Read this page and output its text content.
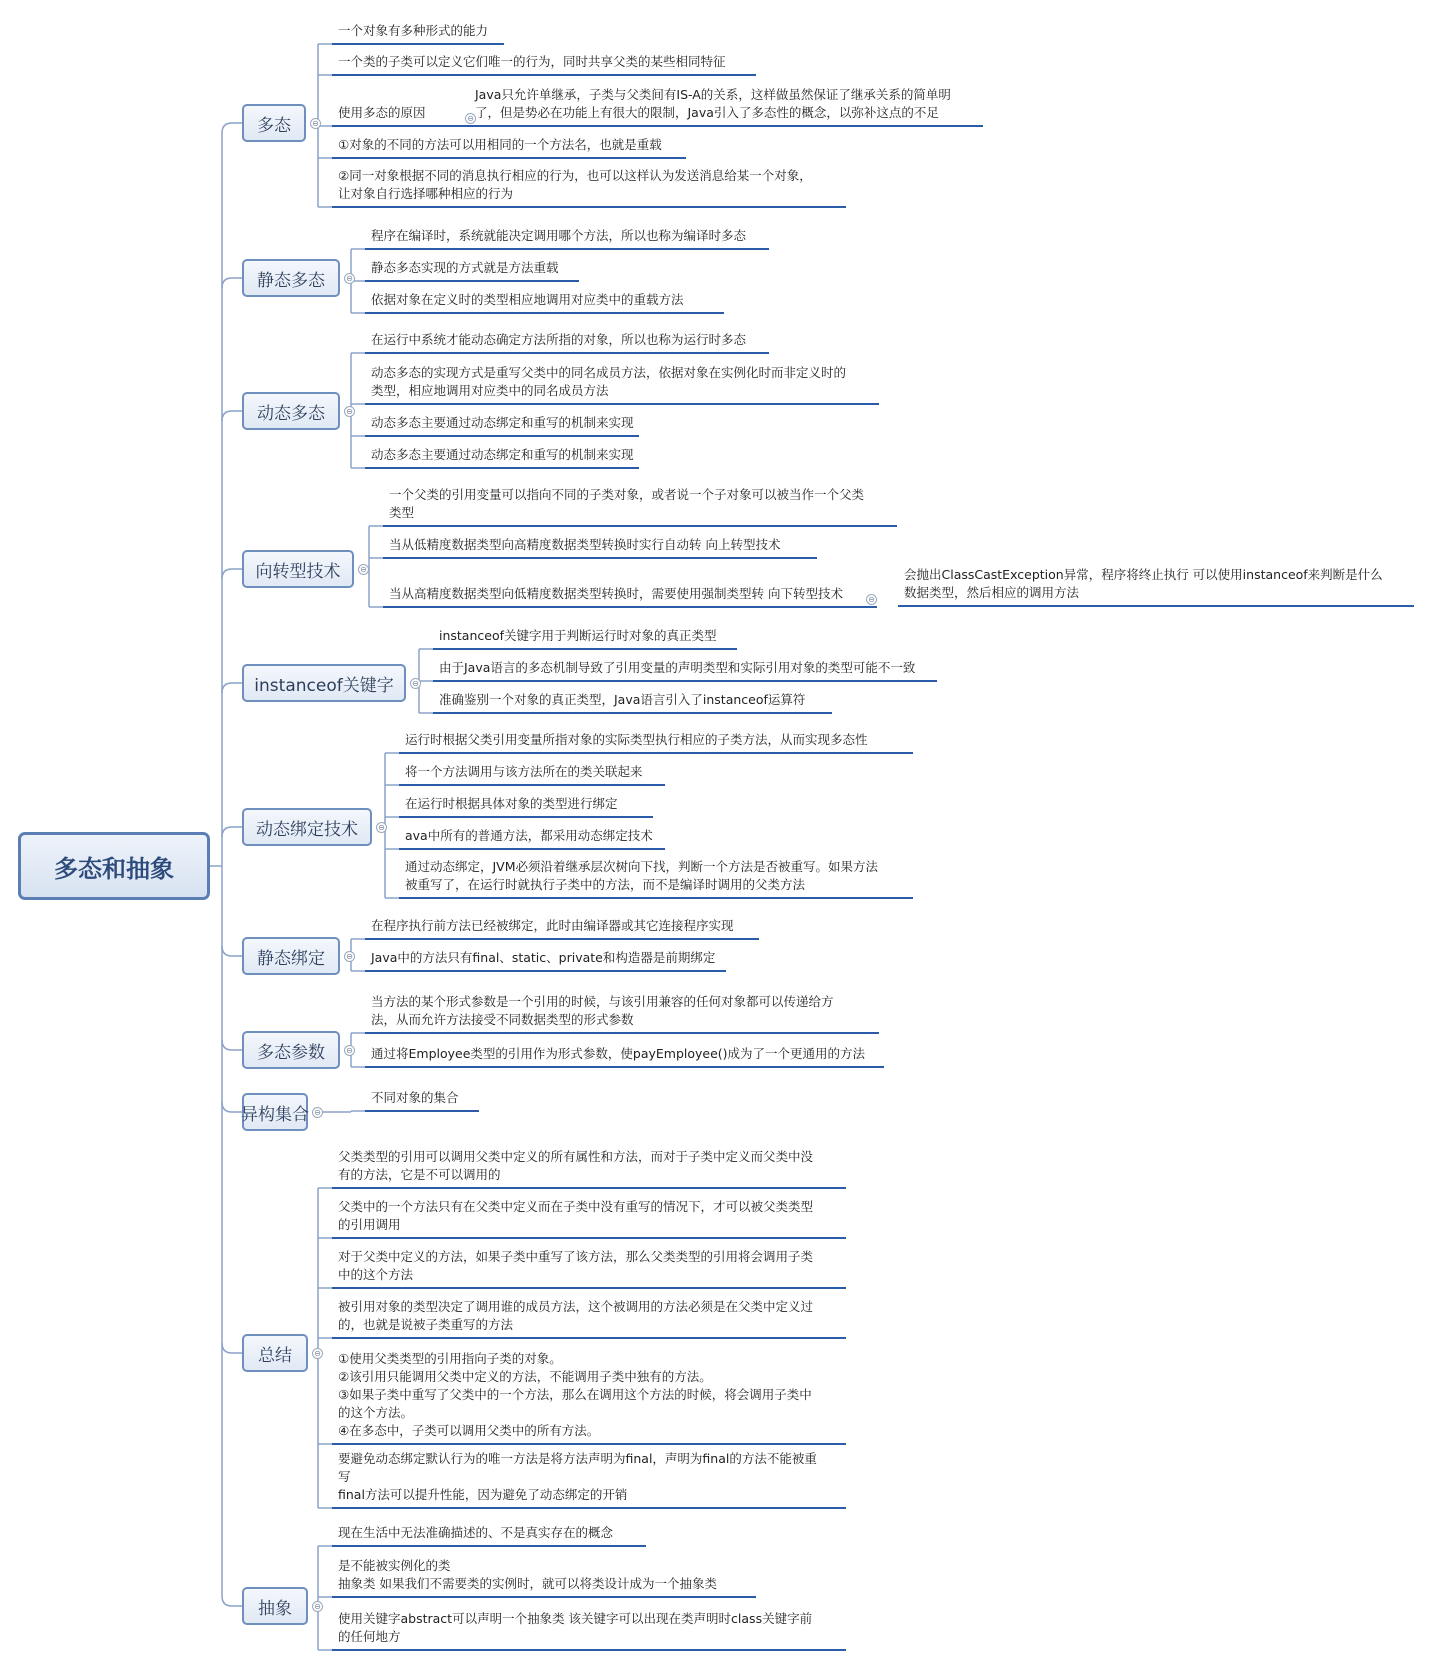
多态和抽象
多态	⊖
一个对象有多种形式的能力
一个类的子类可以定义它们唯一的行为，同时共享父类的某些相同特征
使用多态的原因	⊖
Java只允许单继承，子类与父类间有IS-A的关系，这样做虽然保证了继承关系的简单明
了，但是势必在功能上有很大的限制，Java引入了多态性的概念，以弥补这点的不足
①对象的不同的方法可以用相同的一个方法名，也就是重载
②同一对象根据不同的消息执行相应的行为，也可以这样认为发送消息给某一个对象，
让对象自行选择哪种相应的行为
静态多态	⊖
程序在编译时，系统就能决定调用哪个方法，所以也称为编译时多态
静态多态实现的方式就是方法重载
依据对象在定义时的类型相应地调用对应类中的重载方法
动态多态	⊖
在运行中系统才能动态确定方法所指的对象，所以也称为运行时多态
动态多态的实现方式是重写父类中的同名成员方法，依据对象在实例化时而非定义时的
类型，相应地调用对应类中的同名成员方法
动态多态主要通过动态绑定和重写的机制来实现
动态多态主要通过动态绑定和重写的机制来实现
向转型技术	⊖
一个父类的引用变量可以指向不同的子类对象，或者说一个子对象可以被当作一个父类
类型
当从低精度数据类型向高精度数据类型转换时实行自动转 向上转型技术
当从高精度数据类型向低精度数据类型转换时，需要使用强制类型转 向下转型技术	⊖
会抛出ClassCastException异常，程序将终止执行 可以使用instanceof来判断是什么
数据类型，然后相应的调用方法
instanceof关键字	⊖
instanceof关键字用于判断运行时对象的真正类型
由于Java语言的多态机制导致了引用变量的声明类型和实际引用对象的类型可能不一致
准确鉴别一个对象的真正类型，Java语言引入了instanceof运算符
动态绑定技术	⊖
运行时根据父类引用变量所指对象的实际类型执行相应的子类方法，从而实现多态性
将一个方法调用与该方法所在的类关联起来
在运行时根据具体对象的类型进行绑定
ava中所有的普通方法，都采用动态绑定技术
通过动态绑定，JVM必须沿着继承层次树向下找，判断一个方法是否被重写。如果方法
被重写了，在运行时就执行子类中的方法，而不是编译时调用的父类方法
静态绑定	⊖
在程序执行前方法已经被绑定，此时由编译器或其它连接程序实现
Java中的方法只有final、static、private和构造器是前期绑定
多态参数	⊖
当方法的某个形式参数是一个引用的时候，与该引用兼容的任何对象都可以传递给方
法，从而允许方法接受不同数据类型的形式参数
通过将Employee类型的引用作为形式参数，使payEmployee()成为了一个更通用的方法
异构集合 ⊖
不同对象的集合
总结	⊖
父类类型的引用可以调用父类中定义的所有属性和方法，而对于子类中定义而父类中没
有的方法，它是不可以调用的
父类中的一个方法只有在父类中定义而在子类中没有重写的情况下，才可以被父类类型
的引用调用
对于父类中定义的方法，如果子类中重写了该方法，那么父类类型的引用将会调用子类
中的这个方法
被引用对象的类型决定了调用谁的成员方法，这个被调用的方法必须是在父类中定义过
的，也就是说被子类重写的方法
①使用父类类型的引用指向子类的对象。
②该引用只能调用父类中定义的方法，不能调用子类中独有的方法。
③如果子类中重写了父类中的一个方法，那么在调用这个方法的时候，将会调用子类中
的这个方法。
④在多态中，子类可以调用父类中的所有方法。
要避免动态绑定默认行为的唯一方法是将方法声明为final，声明为final的方法不能被重
写
final方法可以提升性能，因为避免了动态绑定的开销
抽象	⊖
现在生活中无法准确描述的、不是真实存在的概念
是不能被实例化的类
抽象类 如果我们不需要类的实例时，就可以将类设计成为一个抽象类
使用关键字abstract可以声明一个抽象类 该关键字可以出现在类声明时class关键字前
的任何地方
